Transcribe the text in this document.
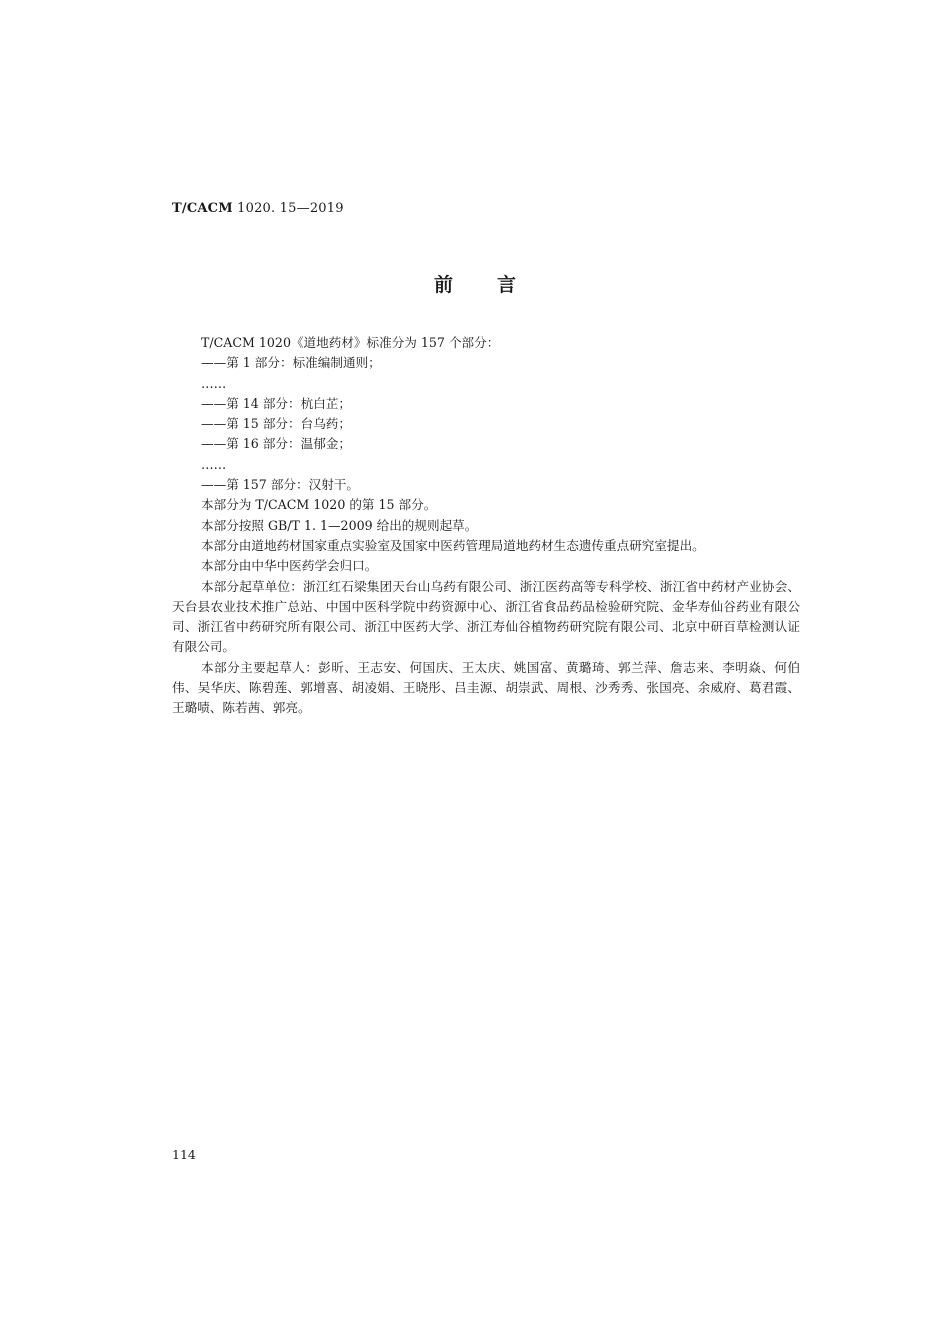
T/CACM 1020. 15—2019
前言
T/CACM 1020《道地药材》标准分为 157 个部分：
——第 1 部分：标准编制通则；
……
——第 14 部分：杭白芷；
——第 15 部分：台乌药；
——第 16 部分：温郁金；
……
——第 157 部分：汉射干。
本部分为 T/CACM 1020 的第 15 部分。
本部分按照 GB/T 1. 1—2009 给出的规则起草。
本部分由道地药材国家重点实验室及国家中医药管理局道地药材生态遗传重点研究室提出。
本部分由中华中医药学会归口。
本部分起草单位：浙江红石梁集团天台山乌药有限公司、浙江医药高等专科学校、浙江省中药材产业协会、天台县农业技术推广总站、中国中医科学院中药资源中心、浙江省食品药品检验研究院、金华寿仙谷药业有限公司、浙江省中药研究所有限公司、浙江中医药大学、浙江寿仙谷植物药研究院有限公司、北京中研百草检测认证有限公司。
本部分主要起草人：彭昕、王志安、何国庆、王太庆、姚国富、黄璐琦、郭兰萍、詹志来、李明焱、何伯伟、吴华庆、陈碧莲、郭增喜、胡凌娟、王晓彤、吕圭源、胡崇武、周根、沙秀秀、张国亮、余威府、葛君霞、王璐啧、陈若茜、郭亮。
114
